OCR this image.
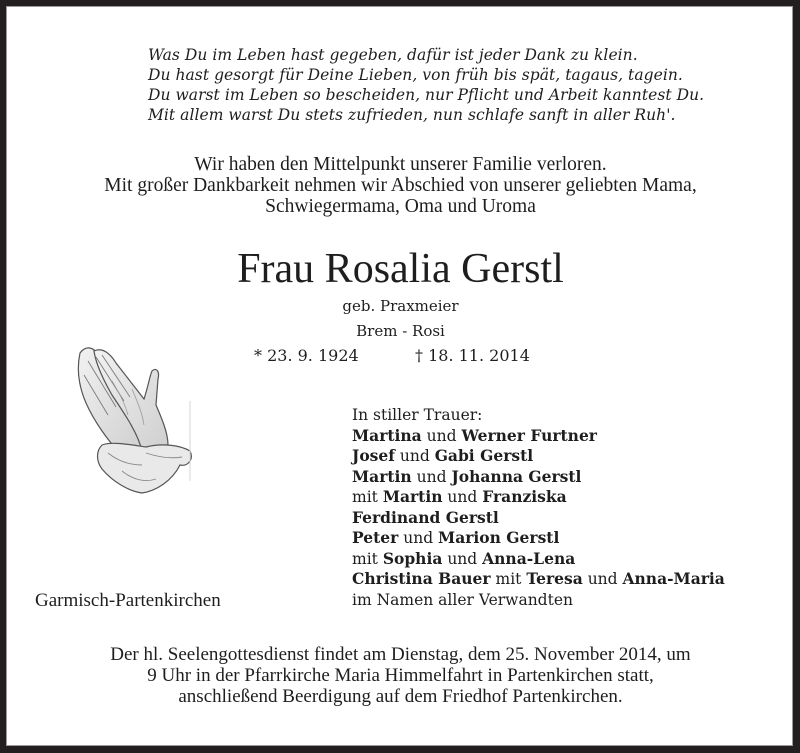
Was Du im Leben hast gegeben, dafür ist jeder Dank zu klein.
Du hast gesorgt für Deine Lieben, von früh bis spät, tagaus, tagein.
Du warst im Leben so bescheiden, nur Pflicht und Arbeit kanntest Du.
Mit allem warst Du stets zufrieden, nun schlafe sanft in aller Ruh'.
Wir haben den Mittelpunkt unserer Familie verloren.
Mit großer Dankbarkeit nehmen wir Abschied von unserer geliebten Mama,
Schwiegermama, Oma und Uroma
Frau Rosalia Gerstl
geb. Praxmeier
Brem - Rosi
* 23. 9. 1924	† 18. 11. 2014
In stiller Trauer:
Martina und Werner Furtner
Josef und Gabi Gerstl
Martin und Johanna Gerstl
mit Martin und Franziska
Ferdinand Gerstl
Peter und Marion Gerstl
mit Sophia und Anna-Lena
Christina Bauer mit Teresa und Anna-Maria
im Namen aller Verwandten
Garmisch-Partenkirchen
Der hl. Seelengottesdienst findet am Dienstag, dem 25. November 2014, um
9 Uhr in der Pfarrkirche Maria Himmelfahrt in Partenkirchen statt,
anschließend Beerdigung auf dem Friedhof Partenkirchen.
